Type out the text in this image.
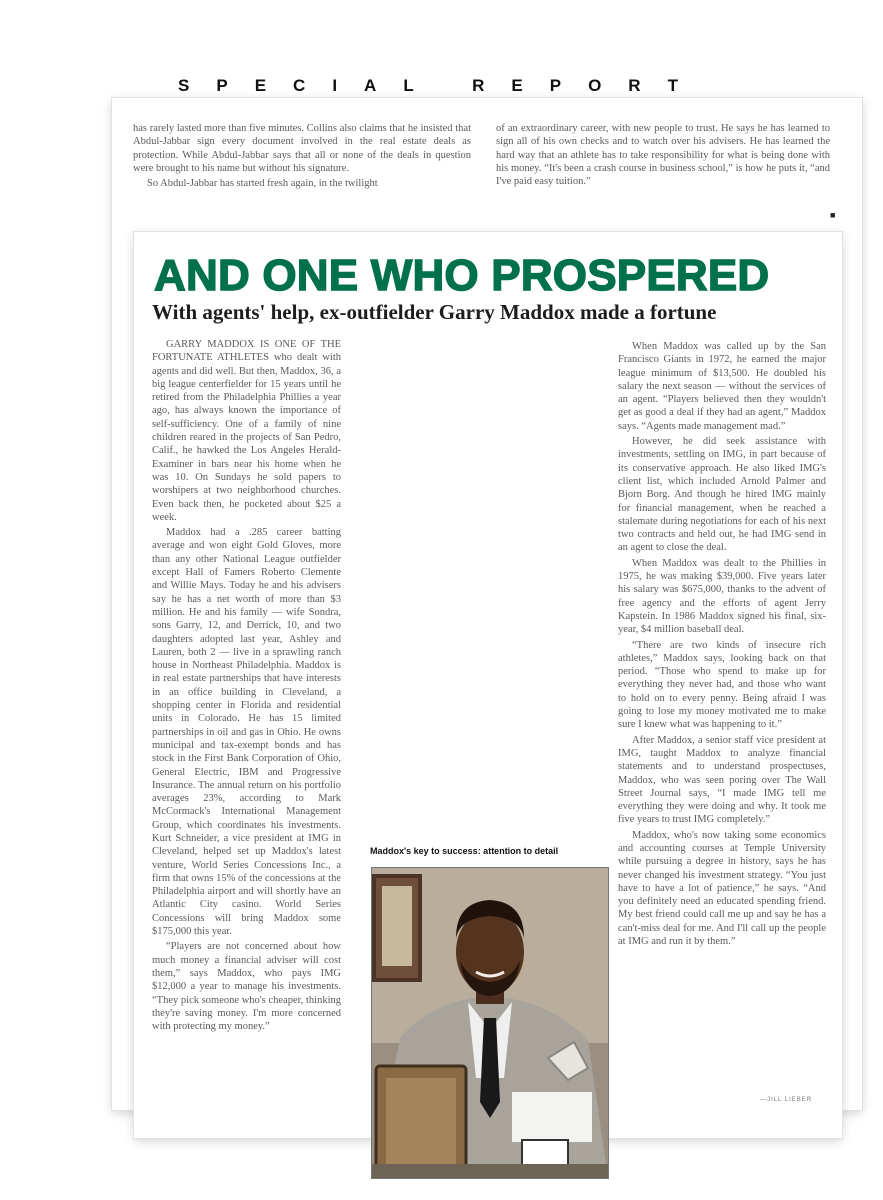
SPECIAL REPORT

has rarely lasted more than five minutes. Collins also claims that he insisted that Abdul-Jabbar sign every document involved in the real estate deals as protection. While Abdul-Jabbar says that all or none of the deals in question were brought to his name but without his signature.

So Abdul-Jabbar has started fresh again, in the twilight

of an extraordinary career, with new people to trust. He says he has learned to sign all of his own checks and to watch over his advisers. He has learned the hard way that an athlete has to take responsibility for what is being done with his money. “It's been a crash course in business school,” is how he puts it, “and I've paid easy tuition.”

■
AND ONE WHO PROSPERED
With agents' help, ex-outfielder Garry Maddox made a fortune

GARRY MADDOX IS ONE OF THE FORTUNATE ATHLETES who dealt with agents and did well. But then, Maddox, 36, a big league centerfielder for 15 years until he retired from the Philadelphia Phillies a year ago, has always known the importance of self-sufficiency. One of a family of nine children reared in the projects of San Pedro, Calif., he hawked the Los Angeles Herald-Examiner in bars near his home when he was 10. On Sundays he sold papers to worshipers at two neighborhood churches. Even back then, he pocketed about $25 a week.

Maddox had a .285 career batting average and won eight Gold Gloves, more than any other National League outfielder except Hall of Famers Roberto Clemente and Willie Mays. Today he and his advisers say he has a net worth of more than $3 million. He and his family — wife Sondra, sons Garry, 12, and Derrick, 10, and two daughters adopted last year, Ashley and Lauren, both 2 — live in a sprawling ranch house in Northeast Philadelphia. Maddox is in real estate partnerships that have interests in an office building in Cleveland, a shopping center in Florida and residential units in Colorado. He has 15 limited partnerships in oil and gas in Ohio. He owns municipal and tax-exempt bonds and has stock in the First Bank Corporation of Ohio, General Electric, IBM and Progressive Insurance. The annual return on his portfolio averages 23%, according to Mark McCormack's International Management Group, which coordinates his investments. Kurt Schneider, a vice president at IMG in Cleveland, helped set up Maddox's latest venture, World Series Concessions Inc., a firm that owns 15% of the concessions at the Philadelphia airport and will shortly have an Atlantic City casino. World Series Concessions will bring Maddox some $175,000 this year.

“Players are not concerned about how much money a financial adviser will cost them,” says Maddox, who pays IMG $12,000 a year to manage his investments. “They pick someone who's cheaper, thinking they're saving money. I'm more concerned with protecting my money.”

When Maddox was called up by the San Francisco Giants in 1972, he earned the major league minimum of $13,500. He doubled his salary the next season — without the services of an agent. “Players believed then they wouldn't get as good a deal if they had an agent,” Maddox says. “Agents made management mad.”

However, he did seek assistance with investments, settling on IMG, in part because of its conservative approach. He also liked IMG's client list, which included Arnold Palmer and Bjorn Borg. And though he hired IMG mainly for financial management, when he reached a stalemate during negotiations for each of his next two contracts and held out, he had IMG send in an agent to close the deal.

When Maddox was dealt to the Phillies in 1975, he was making $39,000. Five years later his salary was $675,000, thanks to the advent of free agency and the efforts of agent Jerry Kapstein. In 1986 Maddox signed his final, six-year, $4 million baseball deal.

“There are two kinds of insecure rich athletes,” Maddox says, looking back on that period. “Those who spend to make up for everything they never had, and those who want to hold on to every penny. Being afraid I was going to lose my money motivated me to make sure I knew what was happening to it.”

After Maddox, a senior staff vice president at IMG, taught Maddox to analyze financial statements and to understand prospectuses, Maddox, who was seen poring over The Wall Street Journal says, “I made IMG tell me everything they were doing and why. It took me five years to trust IMG completely.”

Maddox, who's now taking some economics and accounting courses at Temple University while pursuing a degree in history, says he has never changed his investment strategy. “You just have to have a lot of patience,” he says. “And you definitely need an educated spending friend. My best friend could call me up and say he has a can't-miss deal for me. And I'll call up the people at IMG and run it by them.”

Maddox's key to success: attention to detail
—JILL LIEBER
